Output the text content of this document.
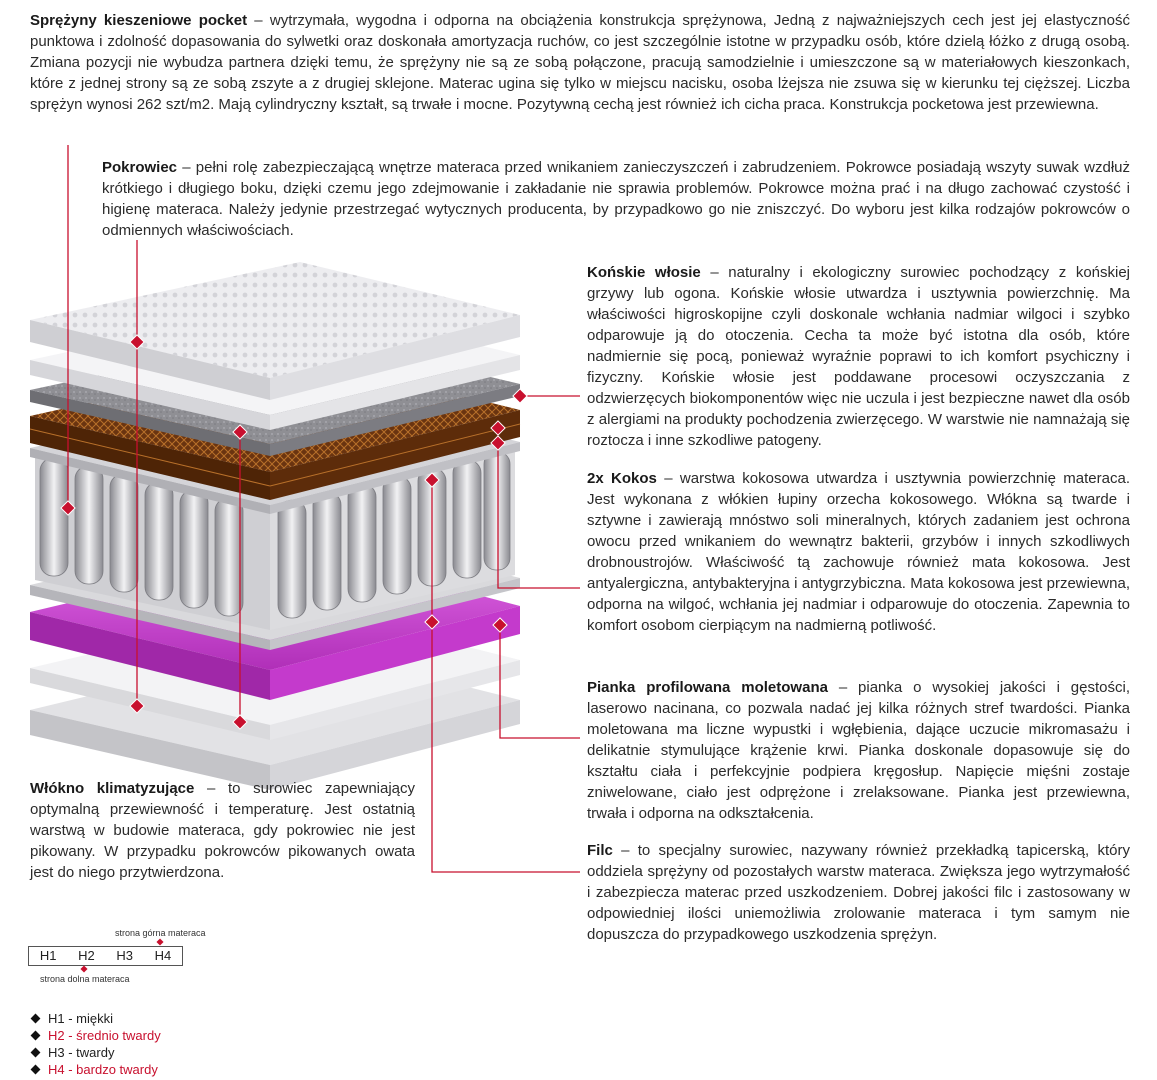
Sprężyny kieszeniowe pocket – wytrzymała, wygodna i odporna na obciążenia konstrukcja sprężynowa, Jedną z najważniejszych cech jest jej elastyczność punktowa i zdolność dopasowania do sylwetki oraz doskonała amortyzacja ruchów, co jest szczególnie istotne w przypadku osób, które dzielą łóżko z drugą osobą. Zmiana pozycji nie wybudza partnera dzięki temu, że sprężyny nie są ze sobą połączone, pracują samodzielnie i umieszczone są w materiałowych kieszonkach, które z jednej strony są ze sobą zszyte a z drugiej sklejone. Materac ugina się tylko w miejscu nacisku, osoba lżejsza nie zsuwa się w kierunku tej cięższej. Liczba sprężyn wynosi 262 szt/m2. Mają cylindryczny kształt, są trwałe i mocne. Pozytywną cechą jest również ich cicha praca. Konstrukcja pocketowa jest przewiewna.

Pokrowiec – pełni rolę zabezpieczającą wnętrze materaca przed wnikaniem zanieczyszczeń i zabrudzeniem. Pokrowce posiadają wszyty suwak wzdłuż krótkiego i długiego boku, dzięki czemu jego zdejmowanie i zakładanie nie sprawia problemów. Pokrowce można prać i na długo zachować czystość i higienę materaca. Należy jedynie przestrzegać wytycznych producenta, by przypadkowo go nie zniszczyć. Do wyboru jest kilka rodzajów pokrowców o odmiennych właściwościach.

Końskie włosie – naturalny i ekologiczny surowiec pochodzący z końskiej grzywy lub ogona. Końskie włosie utwardza i usztywnia powierzchnię. Ma właściwości higroskopijne czyli doskonale wchłania nadmiar wilgoci i szybko odparowuje ją do otoczenia. Cecha ta może być istotna dla osób, które nadmiernie się pocą, ponieważ wyraźnie poprawi to ich komfort psychiczny i fizyczny. Końskie włosie jest poddawane procesowi oczyszczania z odzwierzęcych biokomponentów więc nie uczula i jest bezpieczne nawet dla osób z alergiami na produkty pochodzenia zwierzęcego. W warstwie nie namnażają się roztocza i inne szkodliwe patogeny.

2x Kokos – warstwa kokosowa utwardza i usztywnia powierzchnię materaca. Jest wykonana z włókien łupiny orzecha kokosowego. Włókna są twarde i sztywne i zawierają mnóstwo soli mineralnych, których zadaniem jest ochrona owocu przed wnikaniem do wewnątrz bakterii, grzybów i innych szkodliwych drobnoustrojów. Właściwość tą zachowuje również mata kokosowa. Jest antyalergiczna, antybakteryjna i antygrzybiczna. Mata kokosowa jest przewiewna, odporna na wilgoć, wchłania jej nadmiar i odparowuje do otoczenia. Zapewnia to komfort osobom cierpiącym na nadmierną potliwość.

Pianka profilowana moletowana – pianka o wysokiej jakości i gęstości, laserowo nacinana, co pozwala nadać jej kilka różnych stref twardości. Pianka moletowana ma liczne wypustki i wgłębienia, dające uczucie mikromasażu i delikatnie stymulujące krążenie krwi. Pianka doskonale dopasowuje się do kształtu ciała i perfekcyjnie podpiera kręgosłup. Napięcie mięśni zostaje zniwelowane, ciało jest odprężone i zrelaksowane. Pianka jest przewiewna, trwała i odporna na odkształcenia.

Filc – to specjalny surowiec, nazywany również przekładką tapicerską, który oddziela sprężyny od pozostałych warstw materaca. Zwiększa jego wytrzymałość i zabezpiecza materac przed uszkodzeniem. Dobrej jakości filc i zastosowany w odpowiedniej ilości uniemożliwia zrolowanie materaca i tym samym nie dopuszcza do przypadkowego uszkodzenia sprężyn.

Włókno klimatyzujące – to surowiec zapewniający optymalną przewiewność i temperaturę. Jest ostatnią warstwą w budowie materaca, gdy pokrowiec nie jest pikowany. W przypadku pokrowców pikowanych owata jest do niego przytwierdzona.

strona górna materaca
H1	H2	H3	H4
strona dolna materaca
H1 - miękki
H2 - średnio twardy
H3 - twardy
H4 - bardzo twardy
